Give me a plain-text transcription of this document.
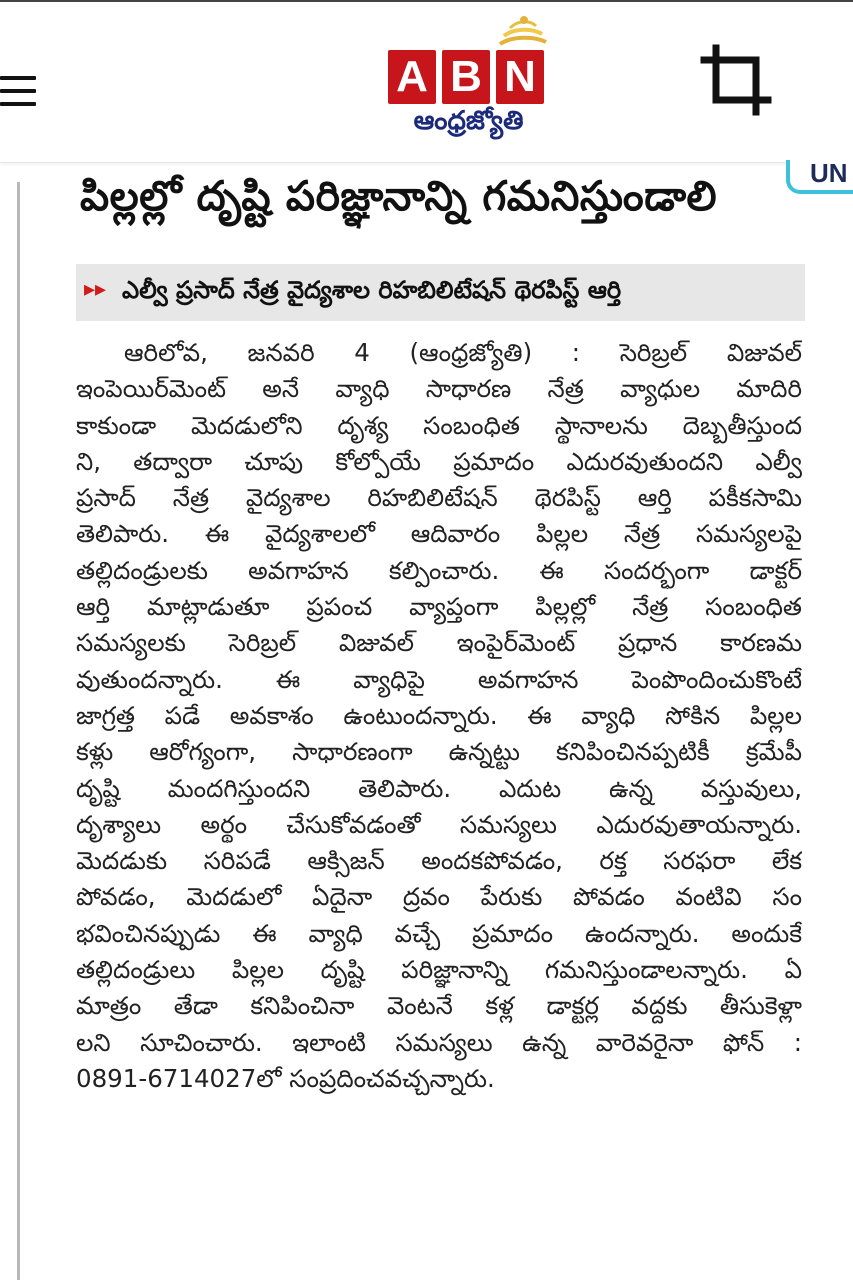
A B N
ఆంధ్రజ్యోతి
UN
పిల్లల్లో దృష్టి పరిజ్ఞానాన్ని గమనిస్తుండాలి
▸▸ ఎల్వీ ప్రసాద్ నేత్ర వైద్యశాల రిహబిలిటేషన్ థెరపిస్ట్ ఆర్తి
ఆరిలోవ, జనవరి 4 (ఆంధ్రజ్యోతి) : సెరిబ్రల్ విజువల్
ఇంపెయిర్‌మెంట్ అనే వ్యాధి సాధారణ నేత్ర వ్యాధుల మాదిరి
కాకుండా మెదడులోని దృశ్య సంబంధిత స్థానాలను దెబ్బతీస్తుంద
ని, తద్వారా చూపు కోల్పోయే ప్రమాదం ఎదురవుతుందని ఎల్వీ
ప్రసాద్ నేత్ర వైద్యశాల రిహబిలిటేషన్ థెరపిస్ట్ ఆర్తి పకీకసామి
తెలిపారు. ఈ వైద్యశాలలో ఆదివారం పిల్లల నేత్ర సమస్యలపై
తల్లిదండ్రులకు అవగాహన కల్పించారు. ఈ సందర్భంగా డాక్టర్
ఆర్తి మాట్లాడుతూ ప్రపంచ వ్యాప్తంగా పిల్లల్లో నేత్ర సంబంధిత
సమస్యలకు సెరిబ్రల్ విజువల్ ఇంపైర్‌మెంట్ ప్రధాన కారణమ
వుతుందన్నారు. ఈ వ్యాధిపై అవగాహన పెంపొందించుకొంటే
జాగ్రత్త పడే అవకాశం ఉంటుందన్నారు. ఈ వ్యాధి సోకిన పిల్లల
కళ్లు ఆరోగ్యంగా, సాధారణంగా ఉన్నట్టు కనిపించినప్పటికీ క్రమేపీ
దృష్టి మందగిస్తుందని తెలిపారు. ఎదుట ఉన్న వస్తువులు,
దృశ్యాలు అర్థం చేసుకోవడంతో సమస్యలు ఎదురవుతాయన్నారు.
మెదడుకు సరిపడే ఆక్సిజన్ అందకపోవడం, రక్త సరఫరా లేక
పోవడం, మెదడులో ఏదైనా ద్రవం పేరుకు పోవడం వంటివి సం
భవించినప్పుడు ఈ వ్యాధి వచ్చే ప్రమాదం ఉందన్నారు. అందుకే
తల్లిదండ్రులు పిల్లల దృష్టి పరిజ్ఞానాన్ని గమనిస్తుండాలన్నారు. ఏ
మాత్రం తేడా కనిపించినా వెంటనే కళ్ల డాక్టర్ల వద్దకు తీసుకెళ్లా
లని సూచించారు. ఇలాంటి సమస్యలు ఉన్న వారెవరైనా ఫోన్ :
0891-6714027లో సంప్రదించవచ్చన్నారు.
